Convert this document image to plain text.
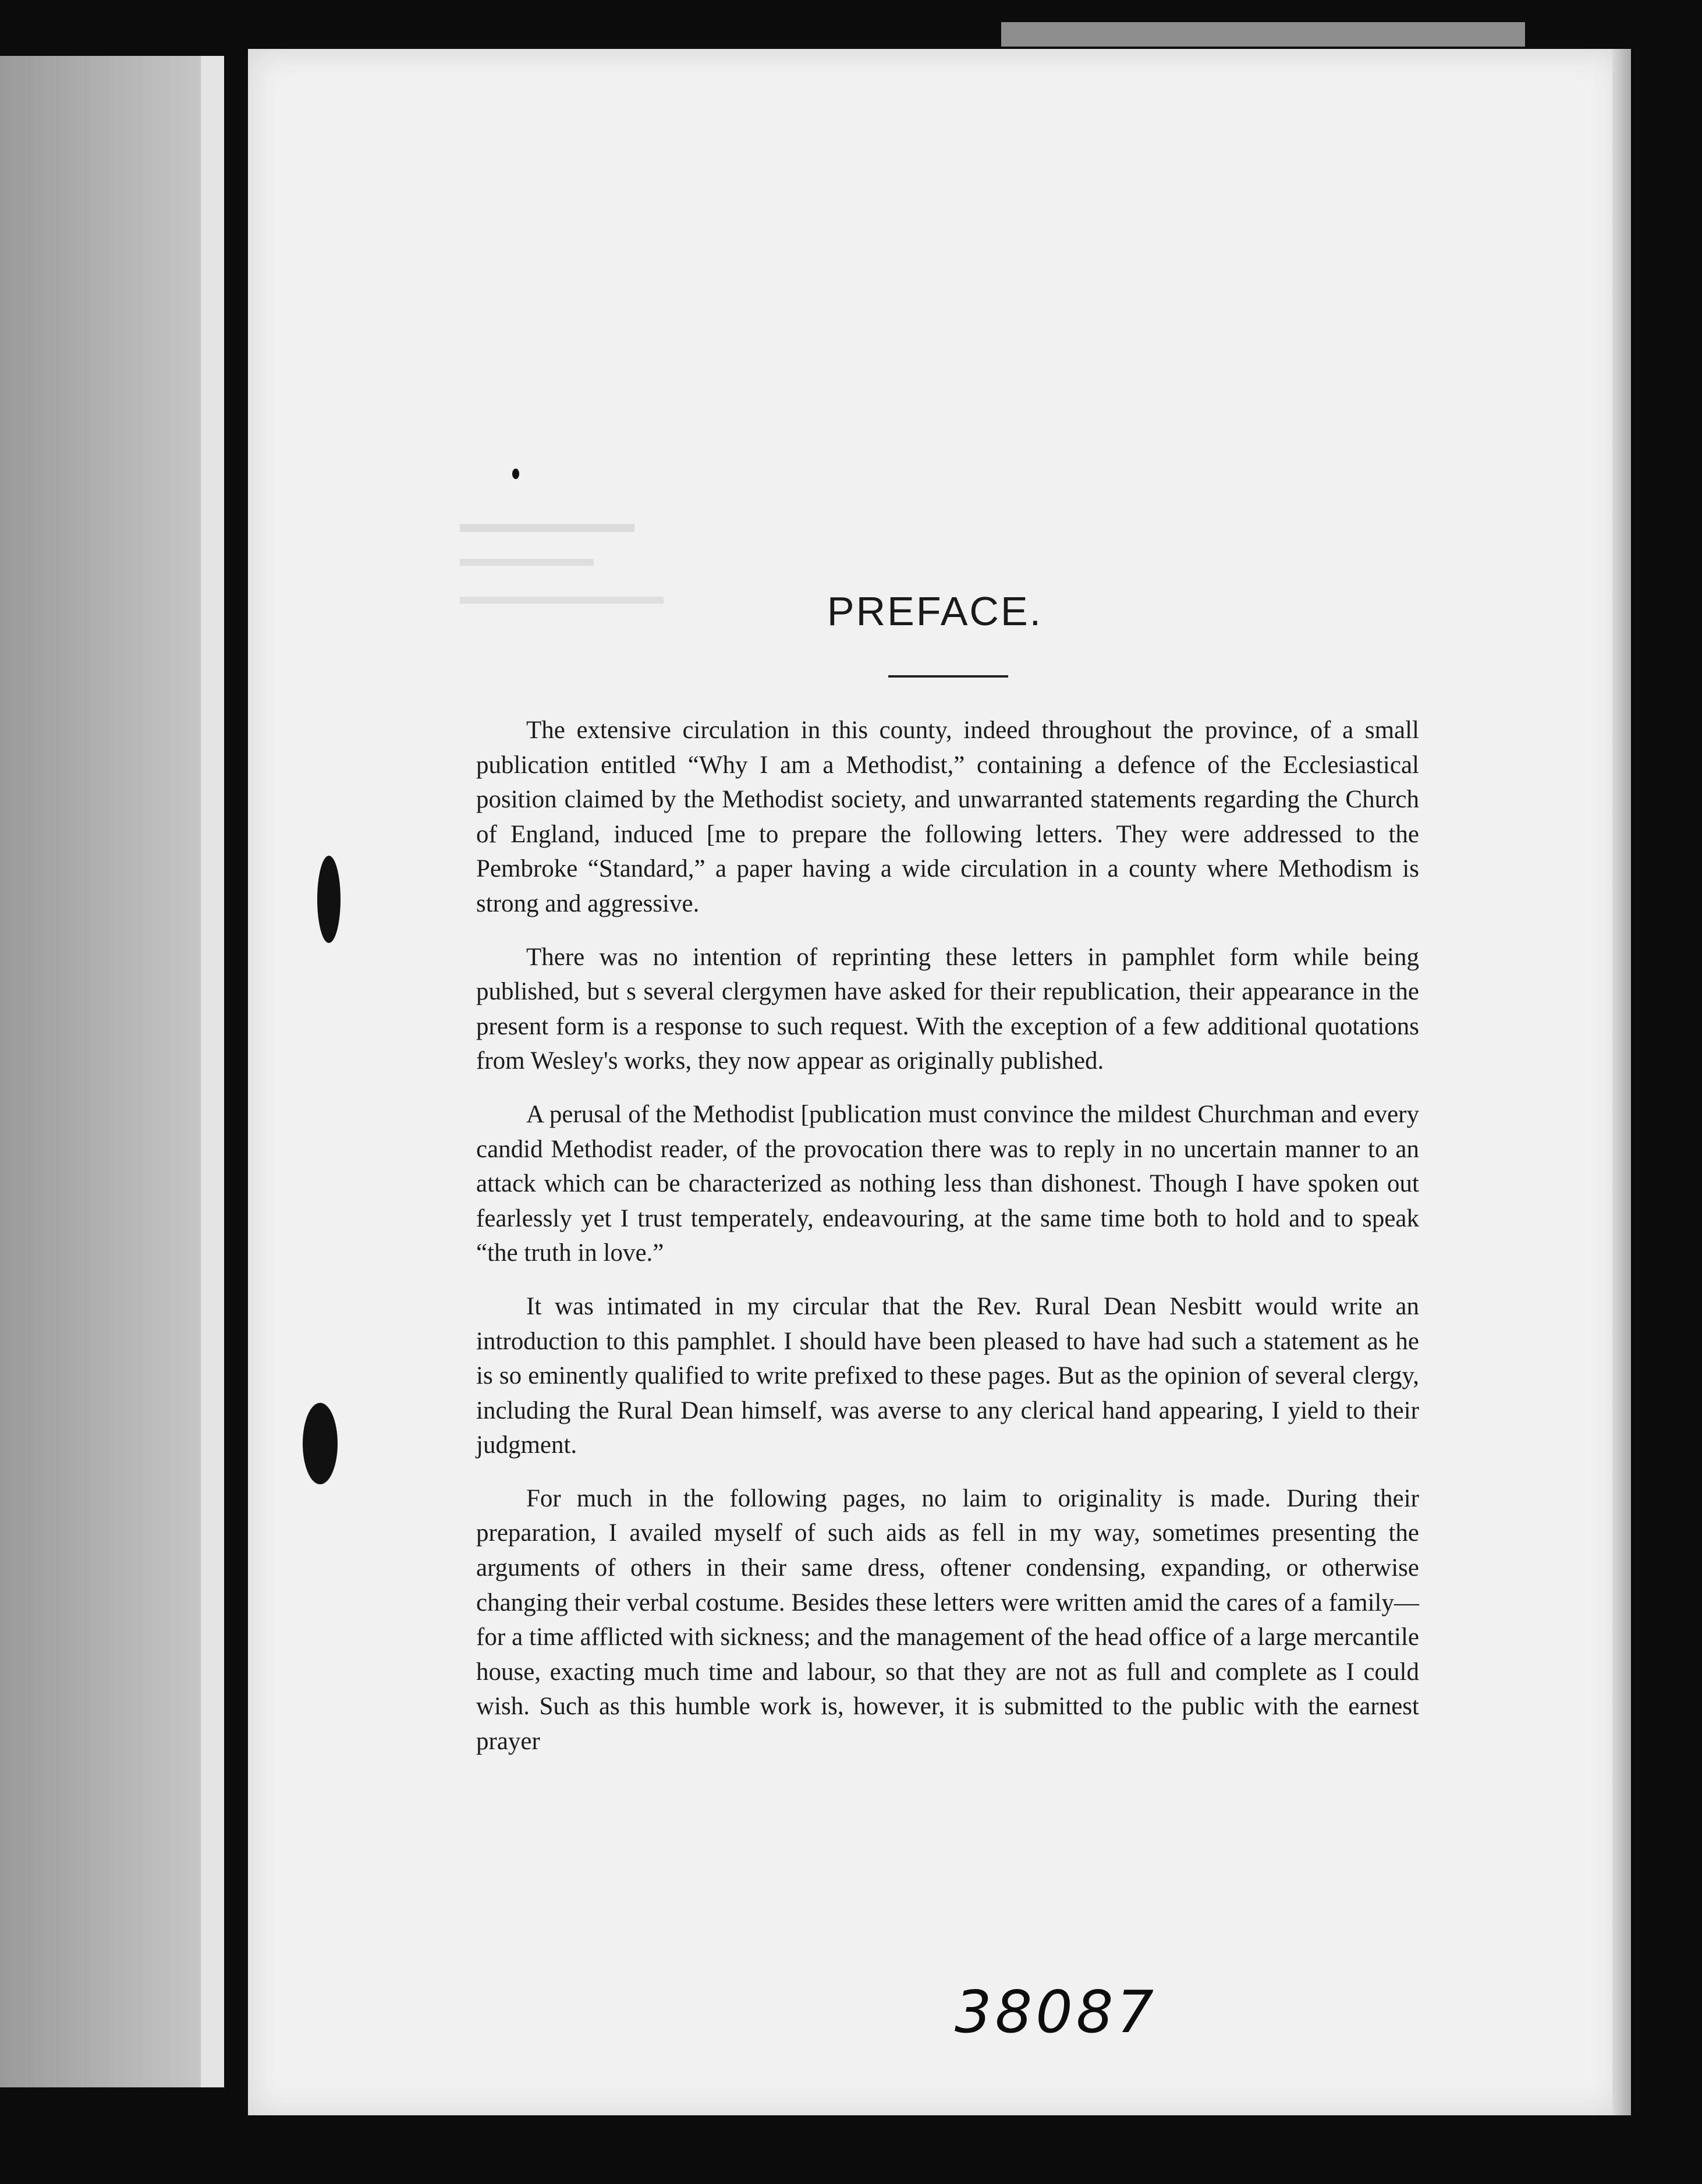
PREFACE.

The extensive circulation in this county, indeed throughout the province, of a small publication entitled “Why I am a Methodist,” containing a defence of the Ecclesiastical position claimed by the Methodist society, and unwarranted statements regarding the Church of England, induced [me to prepare the following letters. They were addressed to the Pembroke “Standard,” a paper having a wide circulation in a county where Methodism is strong and aggressive.

There was no intention of reprinting these letters in pamphlet form while being published, but s several clergymen have asked for their republication, their appearance in the present form is a response to such request. With the exception of a few additional quotations from Wesley's works, they now appear as originally published.

A perusal of the Methodist [publication must convince the mildest Churchman and every candid Methodist reader, of the provocation there was to reply in no uncertain manner to an attack which can be characterized as nothing less than dishonest. Though I have spoken out fearlessly yet I trust temperately, endeavouring, at the same time both to hold and to speak “the truth in love.”

It was intimated in my circular that the Rev. Rural Dean Nesbitt would write an introduction to this pamphlet. I should have been pleased to have had such a statement as he is so eminently qualified to write prefixed to these pages. But as the opinion of several clergy, including the Rural Dean himself, was averse to any clerical hand appearing, I yield to their judgment.

For much in the following pages, no laim to originality is made. During their preparation, I availed myself of such aids as fell in my way, sometimes presenting the arguments of others in their same dress, oftener condensing, expanding, or otherwise changing their verbal costume. Besides these letters were written amid the cares of a family—for a time afflicted with sickness; and the management of the head office of a large mercantile house, exacting much time and labour, so that they are not as full and complete as I could wish. Such as this humble work is, however, it is submitted to the public with the earnest prayer

38087
